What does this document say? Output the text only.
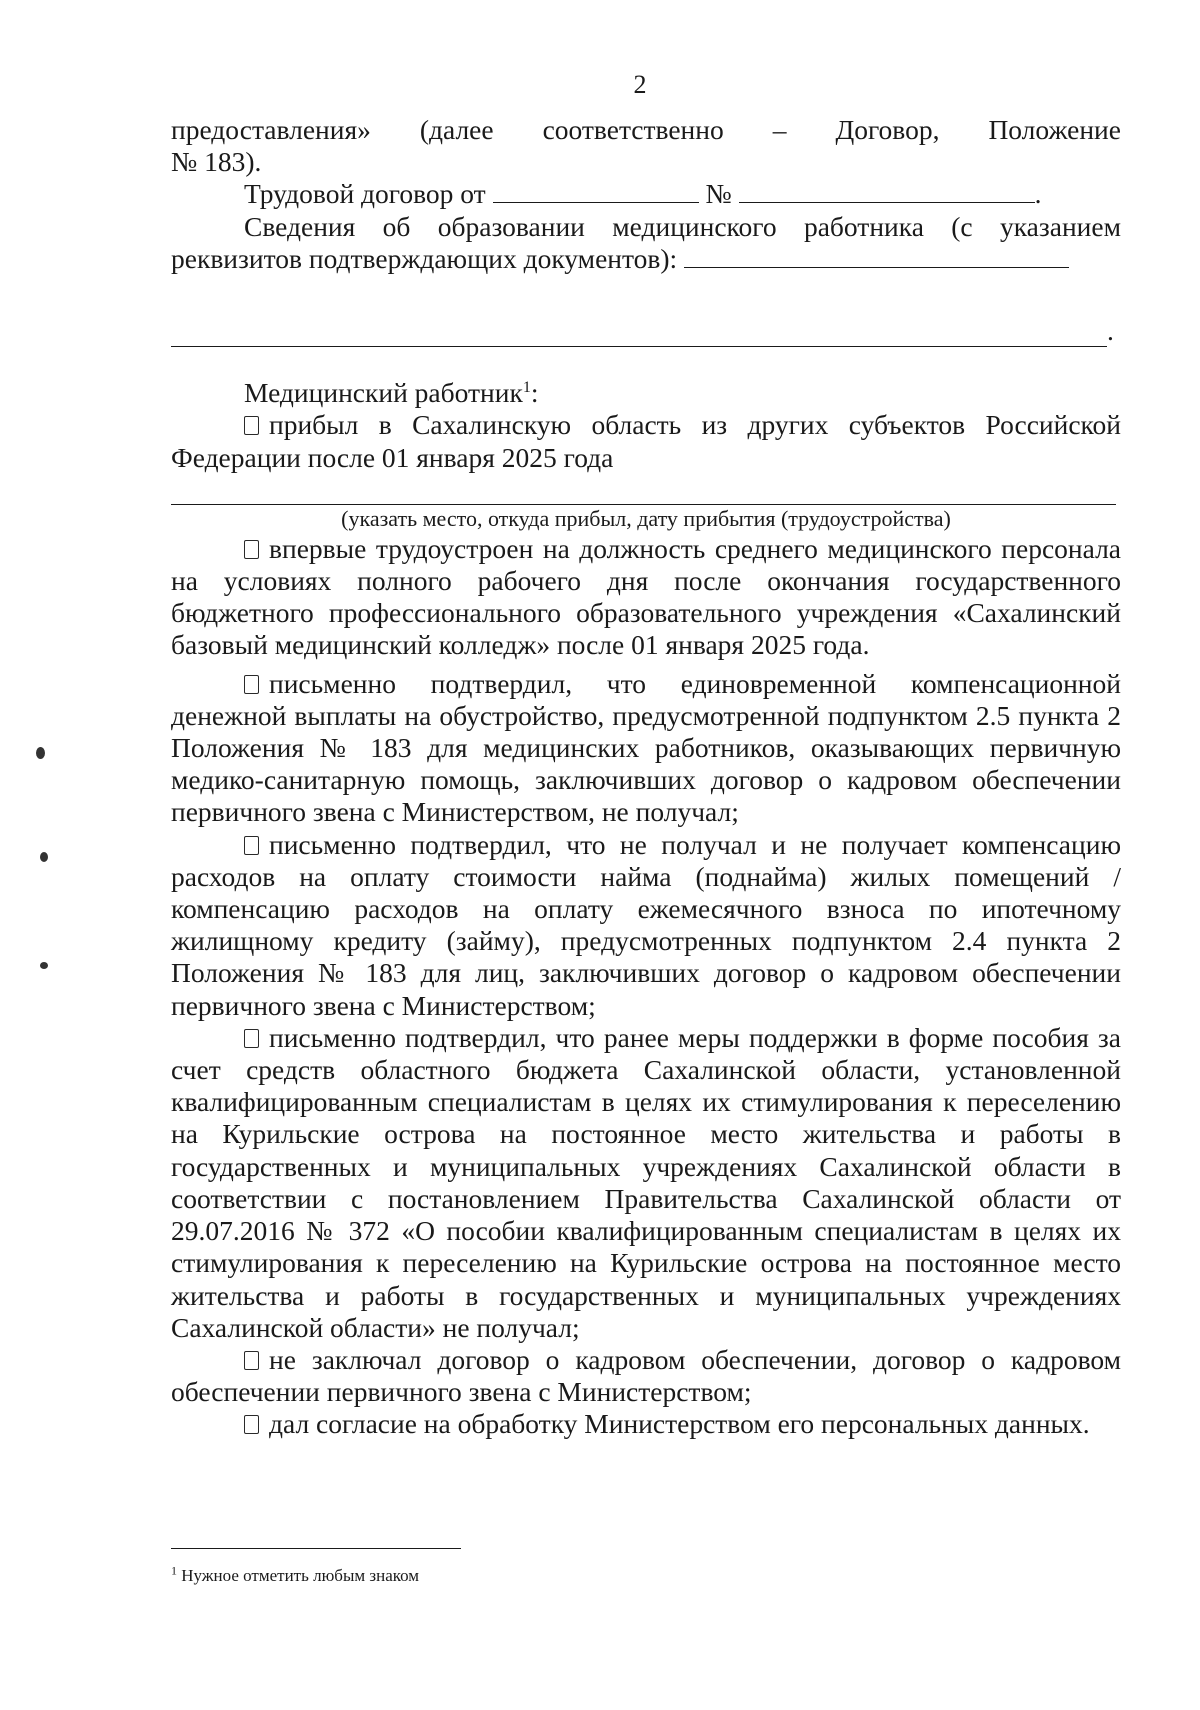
2
предоставления» (далее соответственно – Договор, Положение
№ 183).

Трудовой договор от	№	.

Сведения об образовании медицинского работника (с указанием реквизитов подтверждающих документов):

.

Медицинский работник$^1$:

прибыл в Сахалинскую область из других субъектов Российской Федерации после 01 января 2025 года

(указать место, откуда прибыл, дату прибытия (трудоустройства)

впервые трудоустроен на должность среднего медицинского персонала на условиях полного рабочего дня после окончания государственного бюджетного профессионального образовательного учреждения «Сахалинский базовый медицинский колледж» после 01 января 2025 года.

письменно подтвердил, что единовременной компенсационной денежной выплаты на обустройство, предусмотренной подпунктом 2.5 пункта 2 Положения № 183 для медицинских работников, оказывающих первичную медико-санитарную помощь, заключивших договор о кадровом обеспечении первичного звена с Министерством, не получал;

письменно подтвердил, что не получал и не получает компенсацию расходов на оплату стоимости найма (поднайма) жилых помещений / компенсацию расходов на оплату ежемесячного взноса по ипотечному жилищному кредиту (займу), предусмотренных подпунктом 2.4 пункта 2 Положения № 183 для лиц, заключивших договор о кадровом обеспечении первичного звена с Министерством;

письменно подтвердил, что ранее меры поддержки в форме пособия за счет средств областного бюджета Сахалинской области, установленной квалифицированным специалистам в целях их стимулирования к переселению на Курильские острова на постоянное место жительства и работы в государственных и муниципальных учреждениях Сахалинской области в соответствии с постановлением Правительства Сахалинской области от 29.07.2016 № 372 «О пособии квалифицированным специалистам в целях их стимулирования к переселению на Курильские острова на постоянное место жительства и работы в государственных и муниципальных учреждениях Сахалинской области» не получал;

не заключал договор о кадровом обеспечении, договор о кадровом обеспечении первичного звена с Министерством;

дал согласие на обработку Министерством его персональных данных.

$^1$ Нужное отметить любым знаком
